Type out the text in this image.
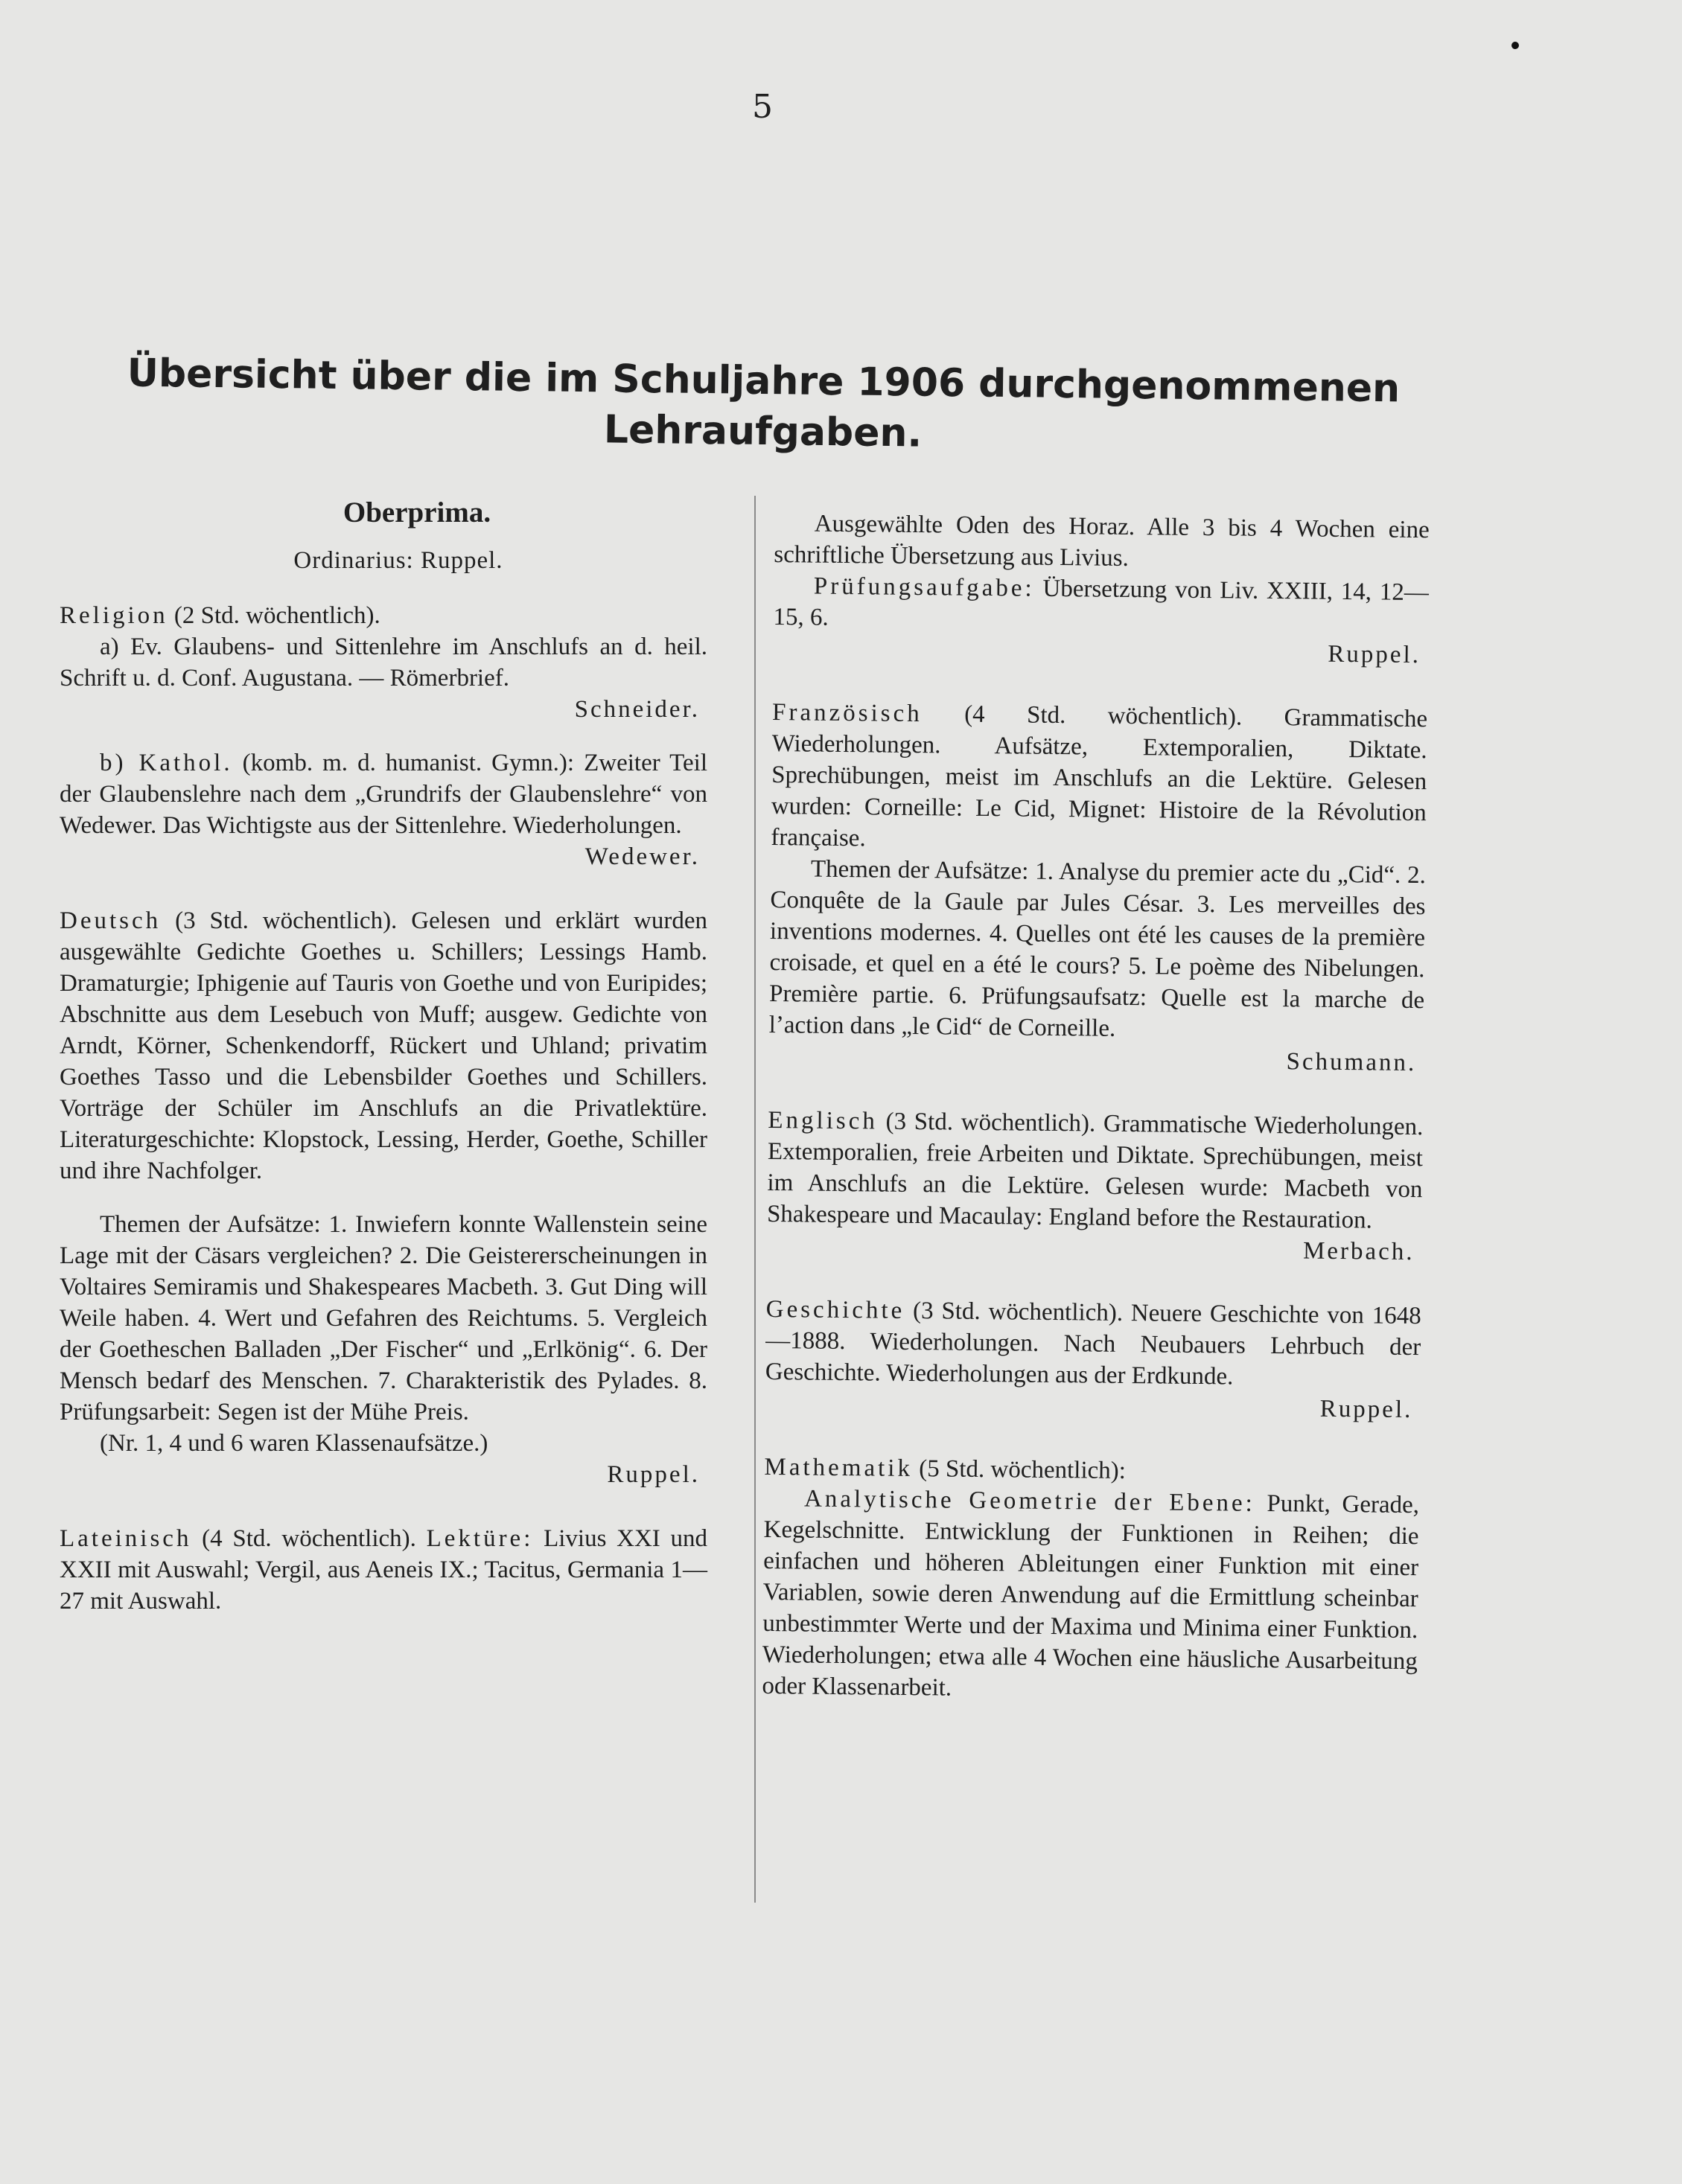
5
Übersicht über die im Schuljahre 1906 durchgenommenen Lehraufgaben.
Oberprima.
Ordinarius: Ruppel.

Religion (2 Std. wöchentlich).

a) Ev. Glaubens- und Sittenlehre im Anschlufs an d. heil. Schrift u. d. Conf. Augustana. — Römerbrief.

Schneider.

b) Kathol. (komb. m. d. humanist. Gymn.): Zweiter Teil der Glaubenslehre nach dem „Grundrifs der Glaubenslehre“ von Wedewer. Das Wichtigste aus der Sittenlehre. Wiederholungen.

Wedewer.

Deutsch (3 Std. wöchentlich). Gelesen und erklärt wurden ausgewählte Gedichte Goethes u. Schillers; Lessings Hamb. Dramaturgie; Iphigenie auf Tauris von Goethe und von Euripides; Abschnitte aus dem Lesebuch von Muff; ausgew. Gedichte von Arndt, Körner, Schenkendorff, Rückert und Uhland; privatim Goethes Tasso und die Lebensbilder Goethes und Schillers. Vorträge der Schüler im Anschlufs an die Privatlektüre. Literaturgeschichte: Klopstock, Lessing, Herder, Goethe, Schiller und ihre Nachfolger.

Themen der Aufsätze: 1. Inwiefern konnte Wallenstein seine Lage mit der Cäsars vergleichen? 2. Die Geistererscheinungen in Voltaires Semiramis und Shakespeares Macbeth. 3. Gut Ding will Weile haben. 4. Wert und Gefahren des Reichtums. 5. Vergleich der Goetheschen Balladen „Der Fischer“ und „Erlkönig“. 6. Der Mensch bedarf des Menschen. 7. Charakteristik des Pylades. 8. Prüfungsarbeit: Segen ist der Mühe Preis.

(Nr. 1, 4 und 6 waren Klassenaufsätze.)

Ruppel.

Lateinisch (4 Std. wöchentlich). Lektüre: Livius XXI und XXII mit Auswahl; Vergil, aus Aeneis IX.; Tacitus, Germania 1—27 mit Auswahl.

Ausgewählte Oden des Horaz. Alle 3 bis 4 Wochen eine schriftliche Übersetzung aus Livius.

Prüfungsaufgabe: Übersetzung von Liv. XXIII, 14, 12—15, 6.

Ruppel.

Französisch (4 Std. wöchentlich). Grammatische Wiederholungen. Aufsätze, Extemporalien, Diktate. Sprechübungen, meist im Anschlufs an die Lektüre. Gelesen wurden: Corneille: Le Cid, Mignet: Histoire de la Révolution française.

Themen der Aufsätze: 1. Analyse du premier acte du „Cid“. 2. Conquête de la Gaule par Jules César. 3. Les merveilles des inventions modernes. 4. Quelles ont été les causes de la première croisade, et quel en a été le cours? 5. Le poème des Nibelungen. Première partie. 6. Prüfungsaufsatz: Quelle est la marche de l’action dans „le Cid“ de Corneille.

Schumann.

Englisch (3 Std. wöchentlich). Grammatische Wiederholungen. Extemporalien, freie Arbeiten und Diktate. Sprechübungen, meist im Anschlufs an die Lektüre. Gelesen wurde: Macbeth von Shakespeare und Macaulay: England before the Restauration.

Merbach.

Geschichte (3 Std. wöchentlich). Neuere Geschichte von 1648—1888. Wiederholungen. Nach Neubauers Lehrbuch der Geschichte. Wiederholungen aus der Erdkunde.

Ruppel.

Mathematik (5 Std. wöchentlich):

Analytische Geometrie der Ebene: Punkt, Gerade, Kegelschnitte. Entwicklung der Funktionen in Reihen; die einfachen und höheren Ableitungen einer Funktion mit einer Variablen, sowie deren Anwendung auf die Ermittlung scheinbar unbestimmter Werte und der Maxima und Minima einer Funktion. Wiederholungen; etwa alle 4 Wochen eine häusliche Ausarbeitung oder Klassenarbeit.
